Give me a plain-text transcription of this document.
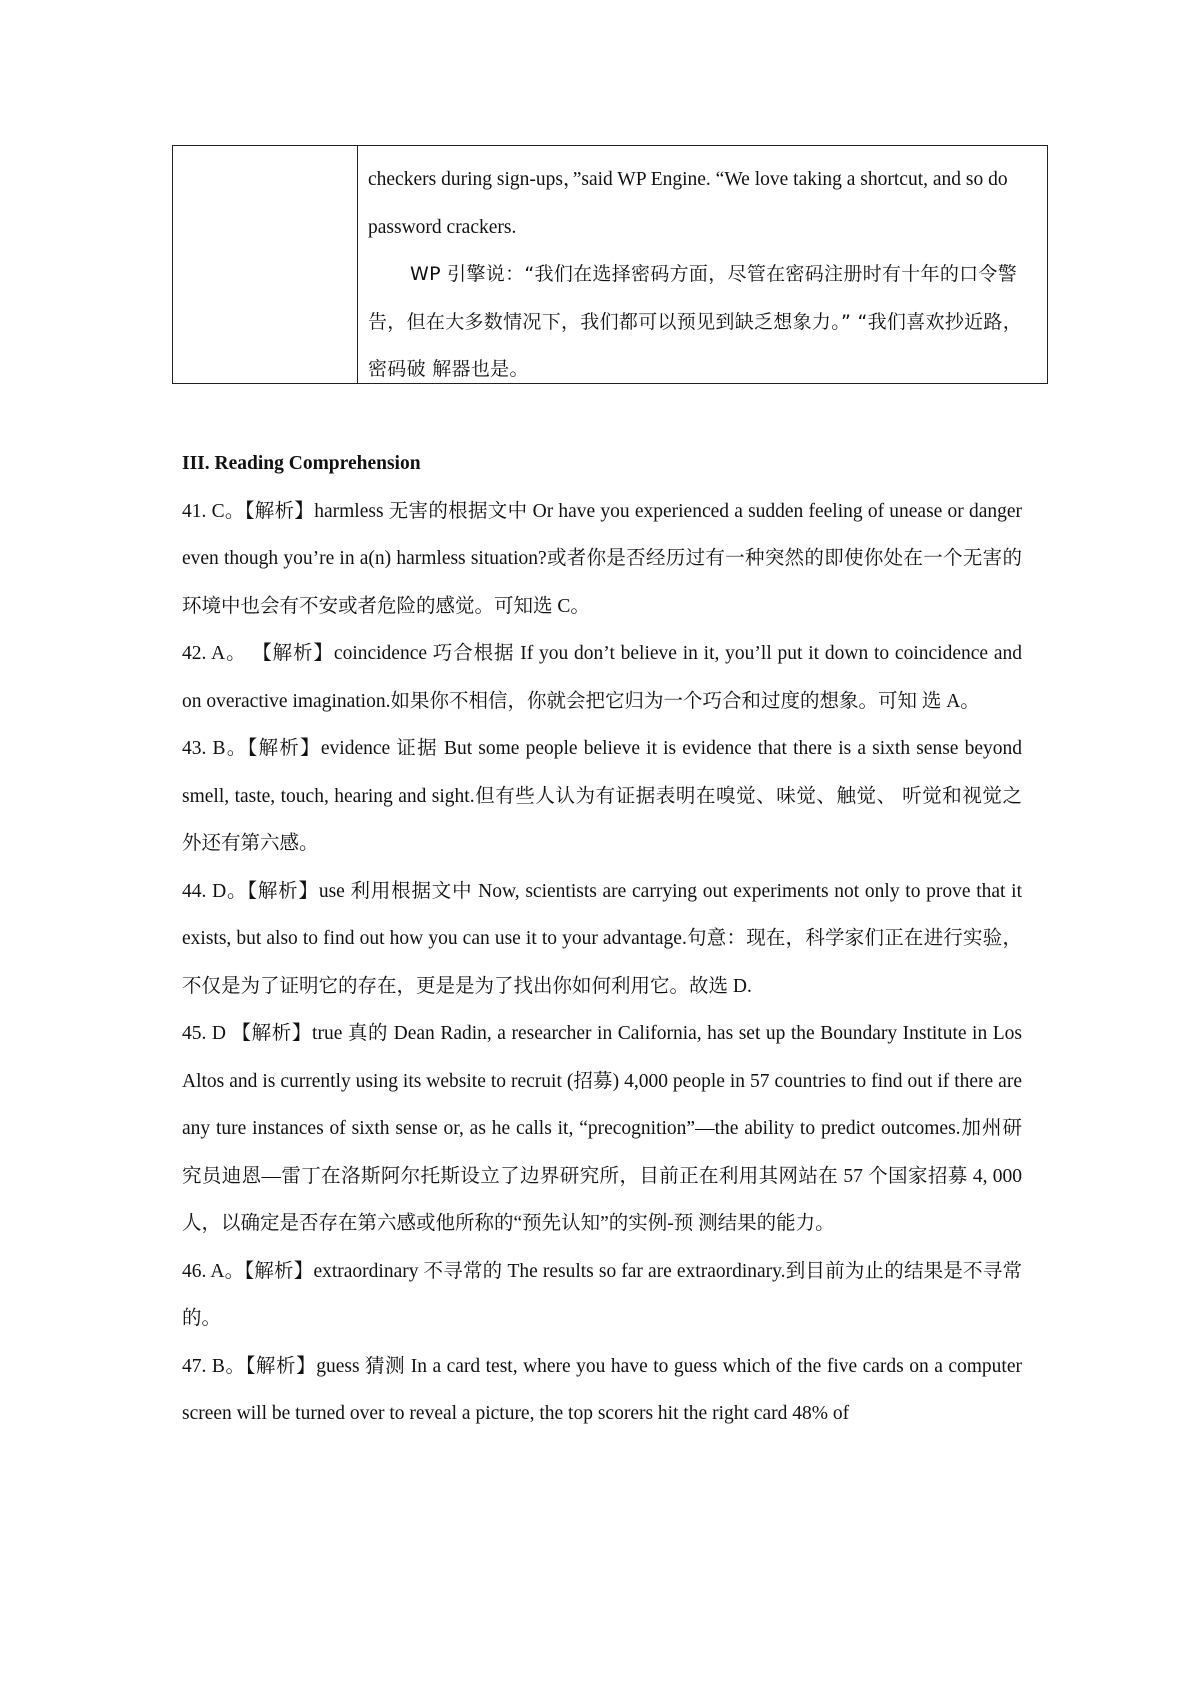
checkers during sign-ups，”said WP Engine. “We love taking a shortcut, and so do password crackers.

WP 引擎说：“我们在选择密码方面，尽管在密码注册时有十年的口令警告，但在大多数情况下，我们都可以预见到缺乏想象力。” “我们喜欢抄近路，密码破 解器也是。

III. Reading Comprehension

41. C。【解析】harmless 无害的根据文中 Or have you experienced a sudden feeling of unease or danger even though you’re in a(n) harmless situation?或者你是否经历过有一种突然的即使你处在一个无害的环境中也会有不安或者危险的感觉。可知选 C。

42. A。 【解析】coincidence 巧合根据 If you don’t believe in it, you’ll put it down to coincidence and on overactive imagination.如果你不相信，你就会把它归为一个巧合和过度的想象。可知 选 A。

43. B。【解析】evidence 证据 But some people believe it is evidence that there is a sixth sense beyond smell, taste, touch, hearing and sight.但有些人认为有证据表明在嗅觉、味觉、触觉、 听觉和视觉之外还有第六感。

44. D。【解析】use 利用根据文中 Now, scientists are carrying out experiments not only to prove that it exists, but also to find out how you can use it to your advantage.句意：现在，科学家们正在进行实验，不仅是为了证明它的存在，更是是为了找出你如何利用它。故选 D.

45. D 【解析】true 真的 Dean Radin, a researcher in California, has set up the Boundary Institute in Los Altos and is currently using its website to recruit (招募) 4,000 people in 57 countries to find out if there are any ture instances of sixth sense or, as he calls it, “precognition”—the ability to predict outcomes.加州研究员迪恩—雷丁在洛斯阿尔托斯设立了边界研究所，目前正在利用其网站在 57 个国家招募 4, 000 人，以确定是否存在第六感或他所称的“预先认知”的实例-预 测结果的能力。

46. A。【解析】extraordinary 不寻常的 The results so far are extraordinary.到目前为止的结果是不寻常的。

47. B。【解析】guess 猜测 In a card test, where you have to guess which of the five cards on a computer screen will be turned over to reveal a picture, the top scorers hit the right card 48% of
